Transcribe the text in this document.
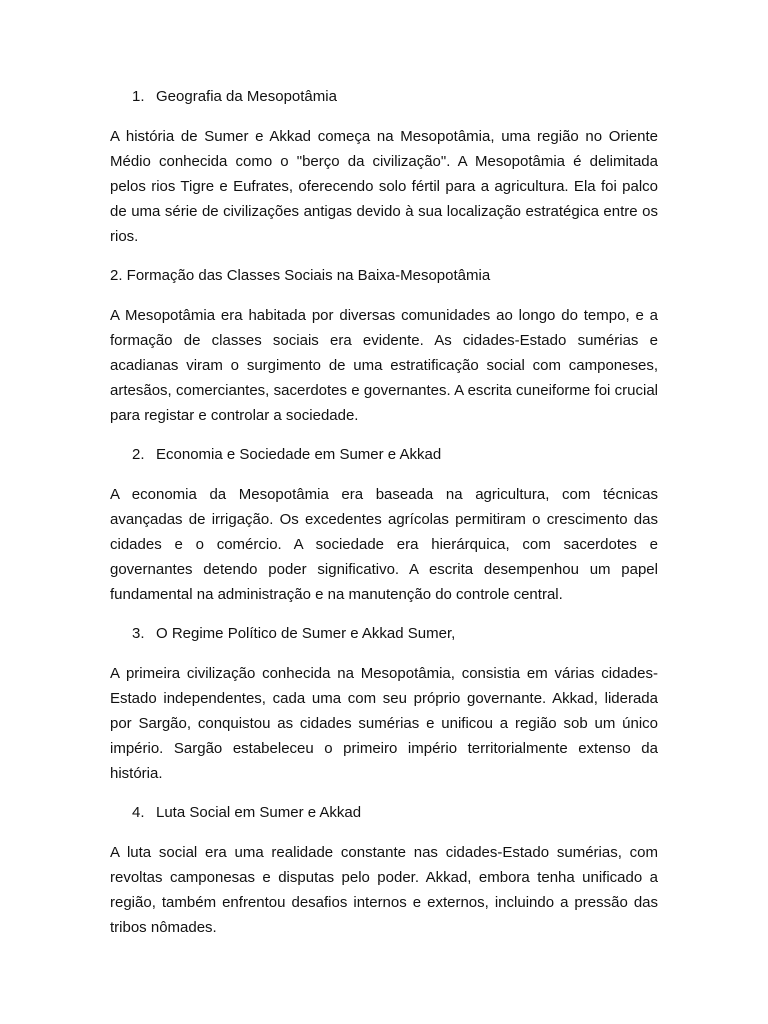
1. Geografia da Mesopotâmia

A história de Sumer e Akkad começa na Mesopotâmia, uma região no Oriente Médio conhecida como o "berço da civilização". A Mesopotâmia é delimitada pelos rios Tigre e Eufrates, oferecendo solo fértil para a agricultura. Ela foi palco de uma série de civilizações antigas devido à sua localização estratégica entre os rios.

2. Formação das Classes Sociais na Baixa-Mesopotâmia

A Mesopotâmia era habitada por diversas comunidades ao longo do tempo, e a formação de classes sociais era evidente. As cidades-Estado sumérias e acadianas viram o surgimento de uma estratificação social com camponeses, artesãos, comerciantes, sacerdotes e governantes. A escrita cuneiforme foi crucial para registar e controlar a sociedade.

2. Economia e Sociedade em Sumer e Akkad

A economia da Mesopotâmia era baseada na agricultura, com técnicas avançadas de irrigação. Os excedentes agrícolas permitiram o crescimento das cidades e o comércio. A sociedade era hierárquica, com sacerdotes e governantes detendo poder significativo. A escrita desempenhou um papel fundamental na administração e na manutenção do controle central.

3. O Regime Político de Sumer e Akkad Sumer,

A primeira civilização conhecida na Mesopotâmia, consistia em várias cidades-Estado independentes, cada uma com seu próprio governante. Akkad, liderada por Sargão, conquistou as cidades sumérias e unificou a região sob um único império. Sargão estabeleceu o primeiro império territorialmente extenso da história.

4. Luta Social em Sumer e Akkad

A luta social era uma realidade constante nas cidades-Estado sumérias, com revoltas camponesas e disputas pelo poder. Akkad, embora tenha unificado a região, também enfrentou desafios internos e externos, incluindo a pressão das tribos nômades.
